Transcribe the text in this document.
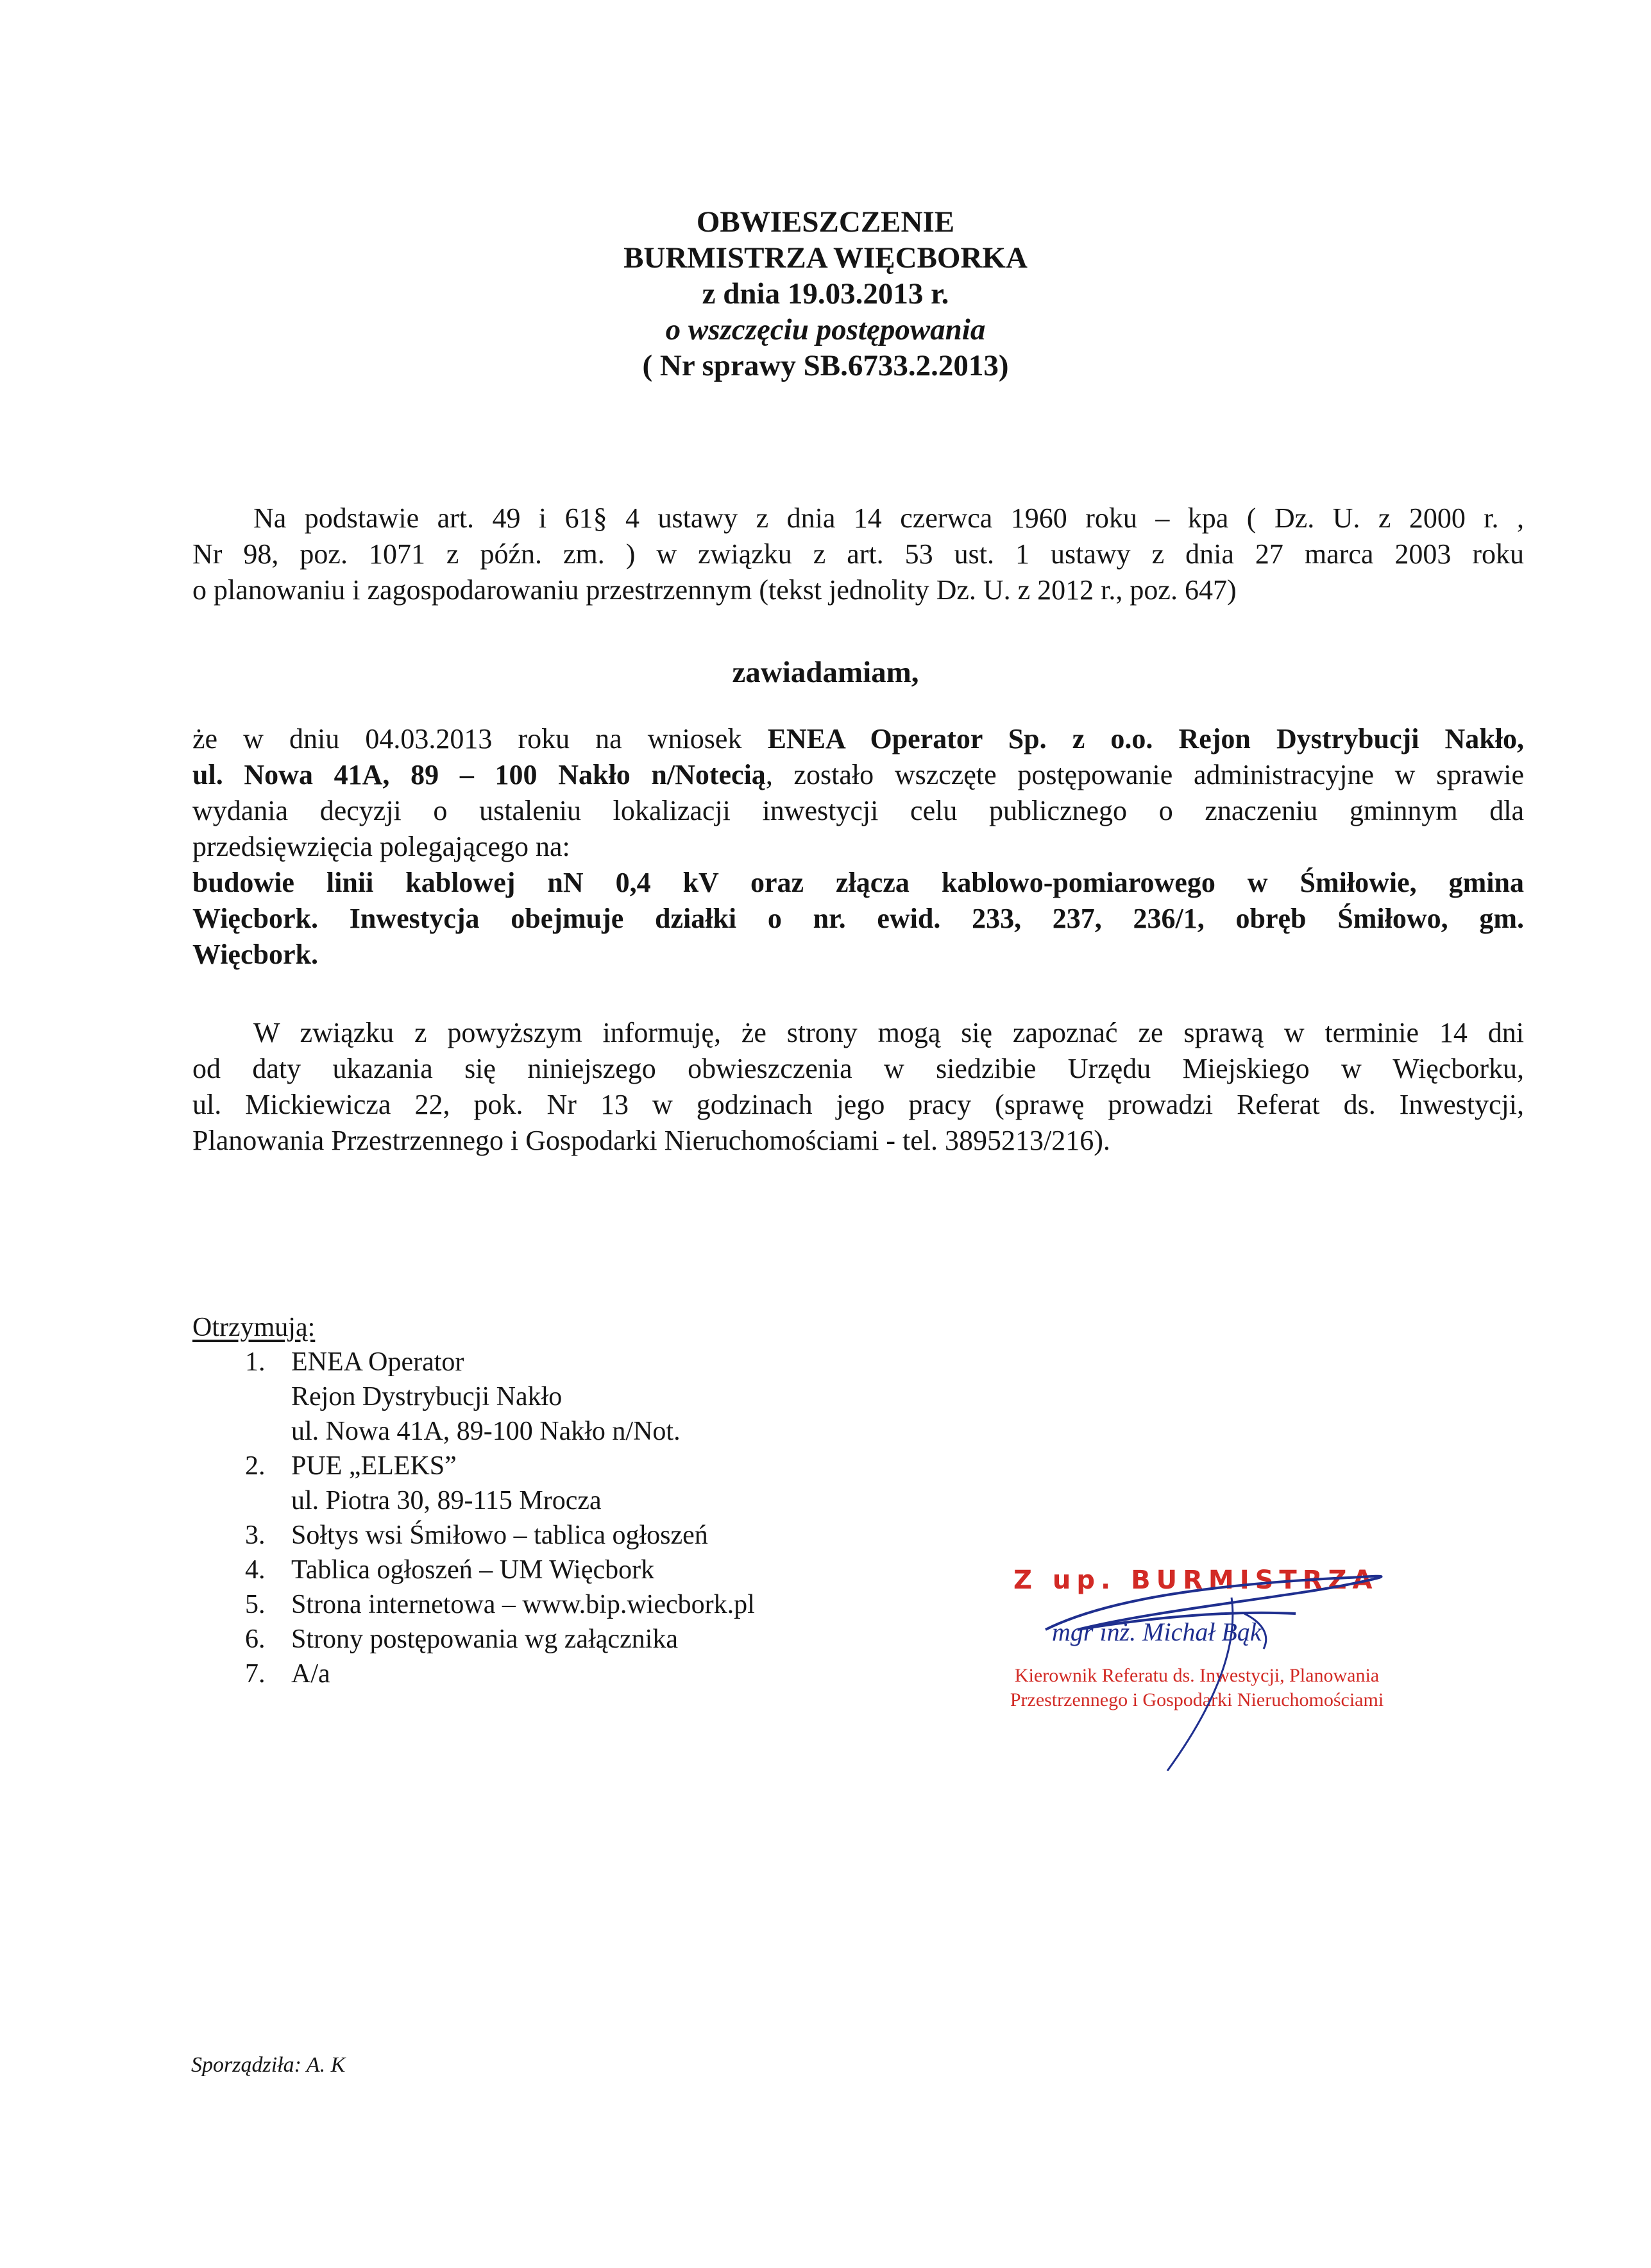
OBWIESZCZENIE
BURMISTRZA WIĘCBORKA
z dnia 19.03.2013 r.
o wszczęciu postępowania
( Nr sprawy SB.6733.2.2013)

Na podstawie art. 49 i 61§ 4 ustawy z dnia 14 czerwca 1960 roku – kpa ( Dz. U. z 2000 r. ,

Nr 98, poz. 1071 z późn. zm. ) w związku z art. 53 ust. 1 ustawy z dnia 27 marca 2003 roku

o planowaniu i zagospodarowaniu przestrzennym (tekst jednolity Dz. U. z 2012 r., poz. 647)

zawiadamiam,

że w dniu 04.03.2013 roku na wniosek ENEA Operator Sp. z o.o. Rejon Dystrybucji Nakło,

ul. Nowa 41A, 89 – 100 Nakło n/Notecią, zostało wszczęte postępowanie administracyjne w sprawie

wydania decyzji o ustaleniu lokalizacji inwestycji celu publicznego o znaczeniu gminnym dla

przedsięwzięcia polegającego na:

budowie linii kablowej nN 0,4 kV oraz złącza kablowo-pomiarowego w Śmiłowie, gmina

Więcbork. Inwestycja obejmuje działki o nr. ewid. 233, 237, 236/1, obręb Śmiłowo, gm.

Więcbork.

W związku z powyższym informuję, że strony mogą się zapoznać ze sprawą w terminie 14 dni

od daty ukazania się niniejszego obwieszczenia w siedzibie Urzędu Miejskiego w Więcborku,

ul. Mickiewicza 22, pok. Nr 13 w godzinach jego pracy (sprawę prowadzi Referat ds. Inwestycji,

Planowania Przestrzennego i Gospodarki Nieruchomościami - tel. 3895213/216).

Otrzymują:
1. ENEA Operator
Rejon Dystrybucji Nakło
ul. Nowa 41A, 89-100 Nakło n/Not.
2. PUE „ELEKS”
ul. Piotra 30, 89-115 Mrocza
3. Sołtys wsi Śmiłowo – tablica ogłoszeń
4. Tablica ogłoszeń – UM Więcbork
5. Strona internetowa – www.bip.wiecbork.pl
6. Strony postępowania wg załącznika
7. A/a
Z up. BURMISTRZA
mgr inż. Michał Bąk
Kierownik Referatu ds. Inwestycji, Planowania
Przestrzennego i Gospodarki Nieruchomościami
Sporządziła: A. K
